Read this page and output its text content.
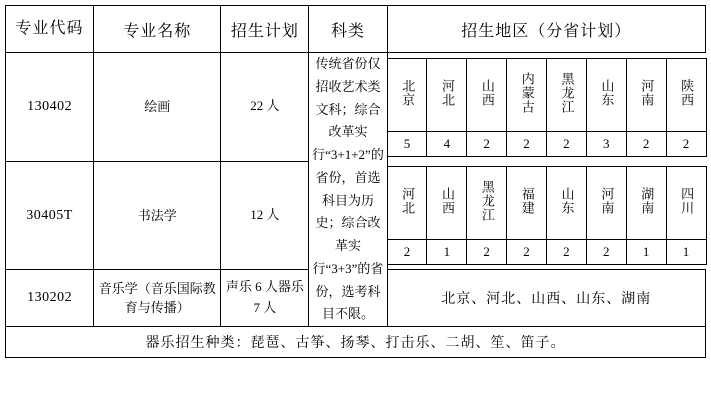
专业代码	专业名称	招生计划	科类	招生地区（分省计划）
130402	绘画	22 人	传统省份仅招收艺术类文科；综合改革实行“3+1+2”的省份，首选科目为历史；综合改革实行“3+3”的省份，选考科目不限。	
北京	河北	山西	内蒙古	黑龙江	山东	河南	陕西
5	4	2	2	2	3	2	2

30405T	书法学	12 人		河北	山西	黑龙江	福建	山东	河南	湖南	四川
2	1	2	2	2	2	1	1

130202	音乐学（音乐国际教育与传播）	声乐 6 人器乐 7 人	北京、河北、山西、山东、湖南
器乐招生种类：琵琶、古筝、扬琴、打击乐、二胡、笙、笛子。
